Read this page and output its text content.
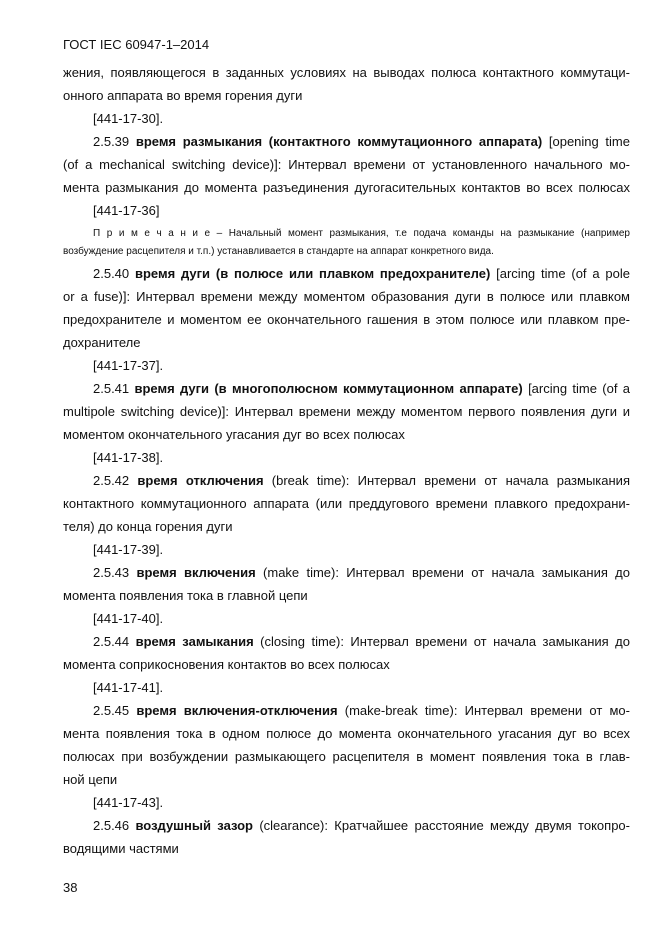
ГОСТ IEC 60947-1–2014
жения, появляющегося в заданных условиях на выводах полюса контактного коммутаци-
онного аппарата во время горения дуги
[441-17-30].
2.5.39 время размыкания (контактного коммутационного аппарата) [opening time
(of a mechanical switching device)]: Интервал времени от установленного начального мо-
мента размыкания до момента разъединения дугогасительных контактов во всех полюсах
[441-17-36]
П р и м е ч а н и е – Начальный момент размыкания, т.е подача команды на размыкание (например
возбуждение расцепителя и т.п.) устанавливается в стандарте на аппарат конкретного вида.
2.5.40 время дуги (в полюсе или плавком предохранителе) [arcing time (of a pole
or a fuse)]: Интервал времени между моментом образования дуги в полюсе или плавком
предохранителе и моментом ее окончательного гашения в этом полюсе или плавком пре-
дохранителе
[441-17-37].
2.5.41 время дуги (в многополюсном коммутационном аппарате) [arcing time (of a
multipole switching device)]: Интервал времени между моментом первого появления дуги и
моментом окончательного угасания дуг во всех полюсах
[441-17-38].
2.5.42 время отключения (break time): Интервал времени от начала размыкания
контактного коммутационного аппарата (или преддугового времени плавкого предохрани-
теля) до конца горения дуги
[441-17-39].
2.5.43 время включения (make time): Интервал времени от начала замыкания до
момента появления тока в главной цепи
[441-17-40].
2.5.44 время замыкания (closing time): Интервал времени от начала замыкания до
момента соприкосновения контактов во всех полюсах
[441-17-41].
2.5.45 время включения-отключения (make-break time): Интервал времени от мо-
мента появления тока в одном полюсе до момента окончательного угасания дуг во всех
полюсах при возбуждении размыкающего расцепителя в момент появления тока в глав-
ной цепи
[441-17-43].
2.5.46 воздушный зазор (clearance): Кратчайшее расстояние между двумя токопро-
водящими частями
38
